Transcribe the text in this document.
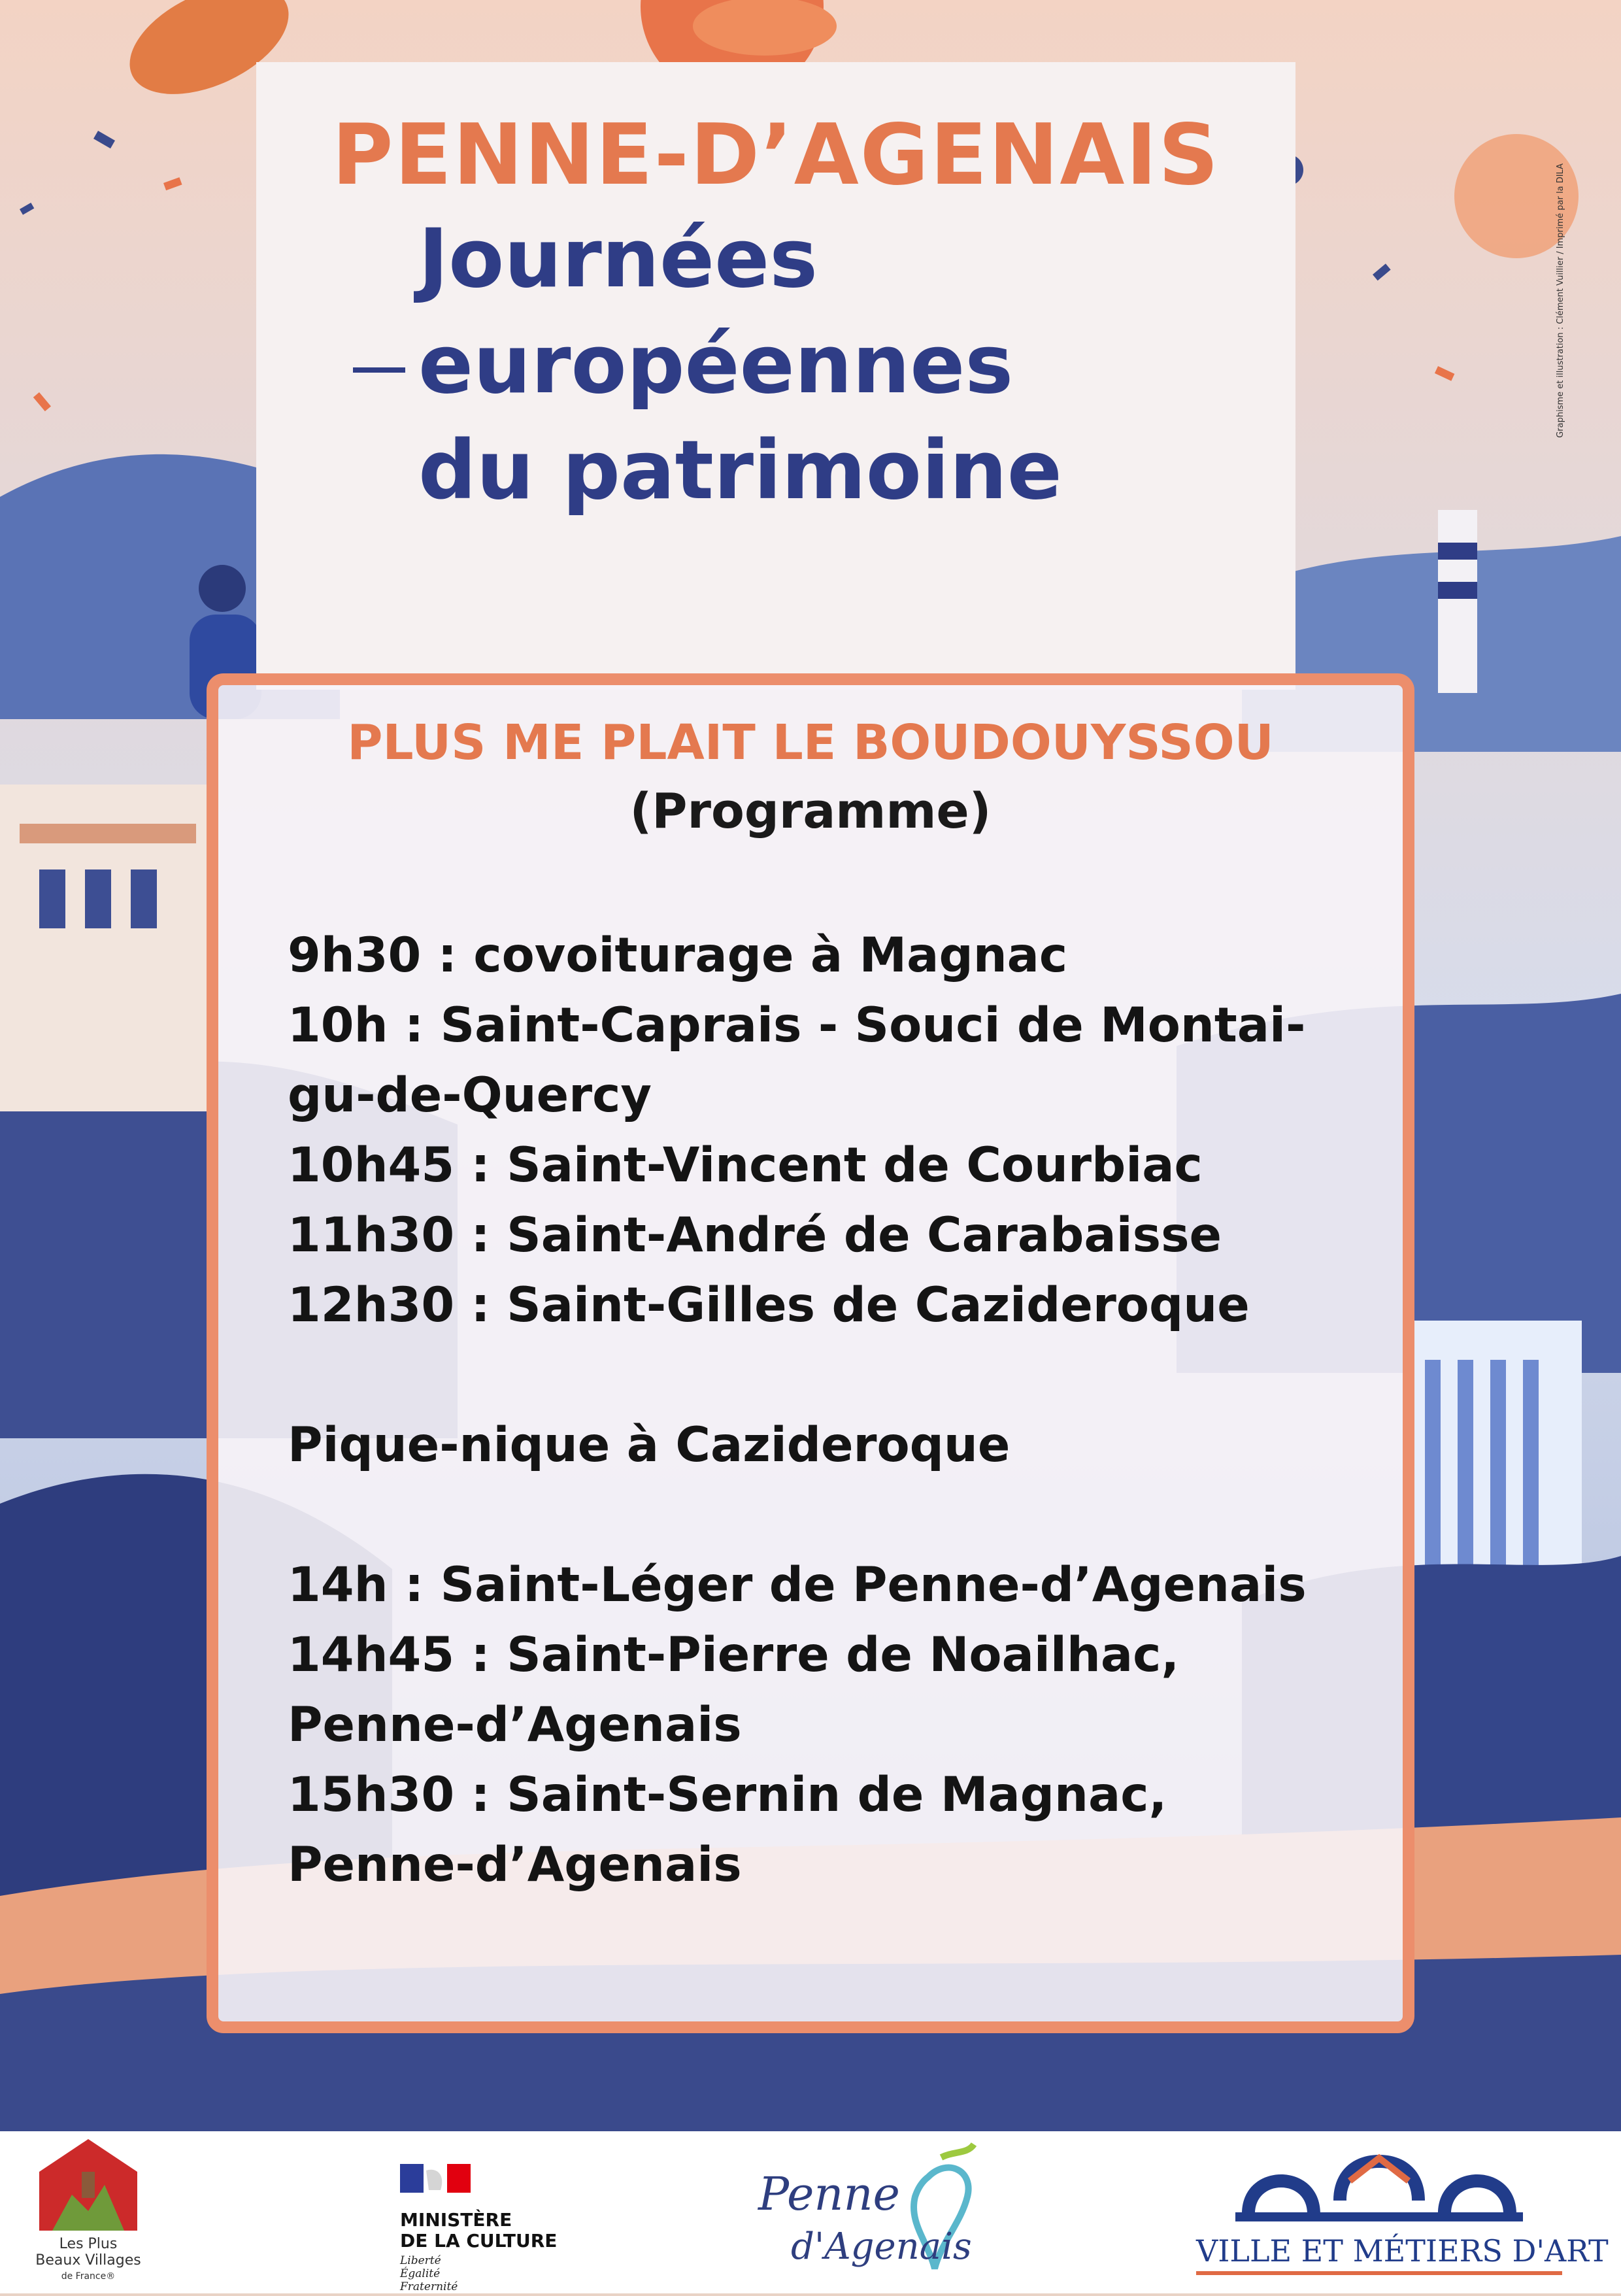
PENNE-D’AGENAIS
Journées
européennes
du patrimoine
Graphisme et illustration : Clément Vuillier / Imprimé par la DILA
PLUS ME PLAIT LE BOUDOUYSSOU
(Programme)
9h30 : covoiturage à Magnac
10h : Saint-Caprais - Souci de Montai-
gu-de-Quercy
10h45 : Saint-Vincent de Courbiac
11h30 : Saint-André de Carabaisse
12h30 : Saint-Gilles de Cazideroque
Pique-nique à Cazideroque
14h : Saint-Léger de Penne-d’Agenais
14h45 : Saint-Pierre de Noailhac,
Penne-d’Agenais
15h30 : Saint-Sernin de Magnac,
Penne-d’Agenais
Les Plus
Beaux Villages
de France®
MINISTÈRE
DE LA CULTURE
Liberté
Égalité
Fraternité
Penne
d'Agenais	VILLE ET MÉTIERS D'ART
